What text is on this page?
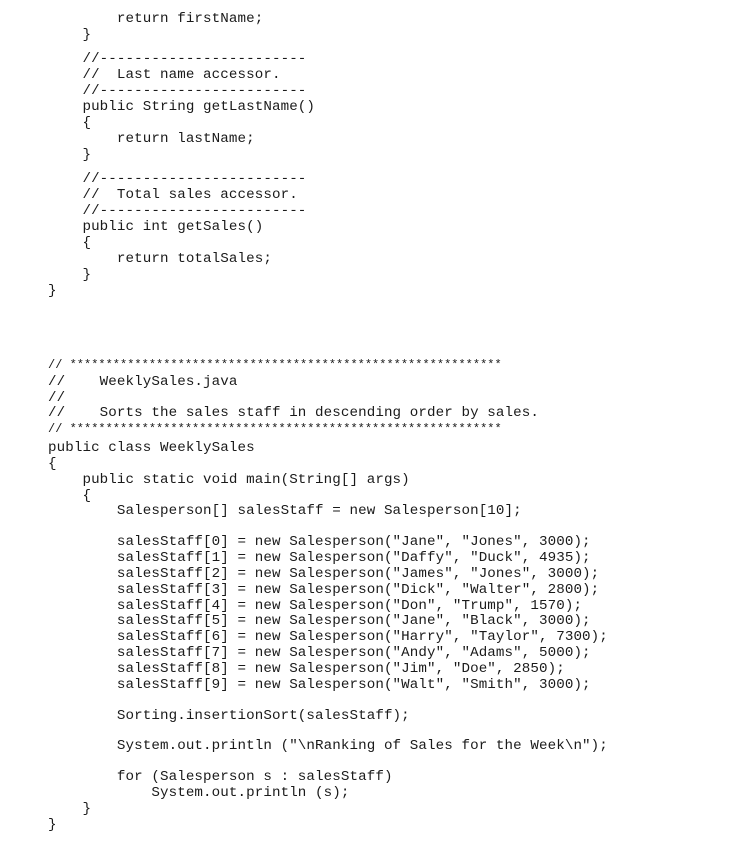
return firstName;
}
//------------------------
//  Last name accessor.
//------------------------
public String getLastName()
{
return lastName;
}
//------------------------
//  Total sales accessor.
//------------------------
public int getSales()
{
return totalSales;
}
}
// ************************************************************
//    WeeklySales.java
//
//    Sorts the sales staff in descending order by sales.
// ************************************************************
public class WeeklySales
{
public static void main(String[] args)
{
Salesperson[] salesStaff = new Salesperson[10];
salesStaff[0] = new Salesperson("Jane", "Jones", 3000);
salesStaff[1] = new Salesperson("Daffy", "Duck", 4935);
salesStaff[2] = new Salesperson("James", "Jones", 3000);
salesStaff[3] = new Salesperson("Dick", "Walter", 2800);
salesStaff[4] = new Salesperson("Don", "Trump", 1570);
salesStaff[5] = new Salesperson("Jane", "Black", 3000);
salesStaff[6] = new Salesperson("Harry", "Taylor", 7300);
salesStaff[7] = new Salesperson("Andy", "Adams", 5000);
salesStaff[8] = new Salesperson("Jim", "Doe", 2850);
salesStaff[9] = new Salesperson("Walt", "Smith", 3000);
Sorting.insertionSort(salesStaff);
System.out.println ("\nRanking of Sales for the Week\n");
for (Salesperson s : salesStaff)
System.out.println (s);
}
}
